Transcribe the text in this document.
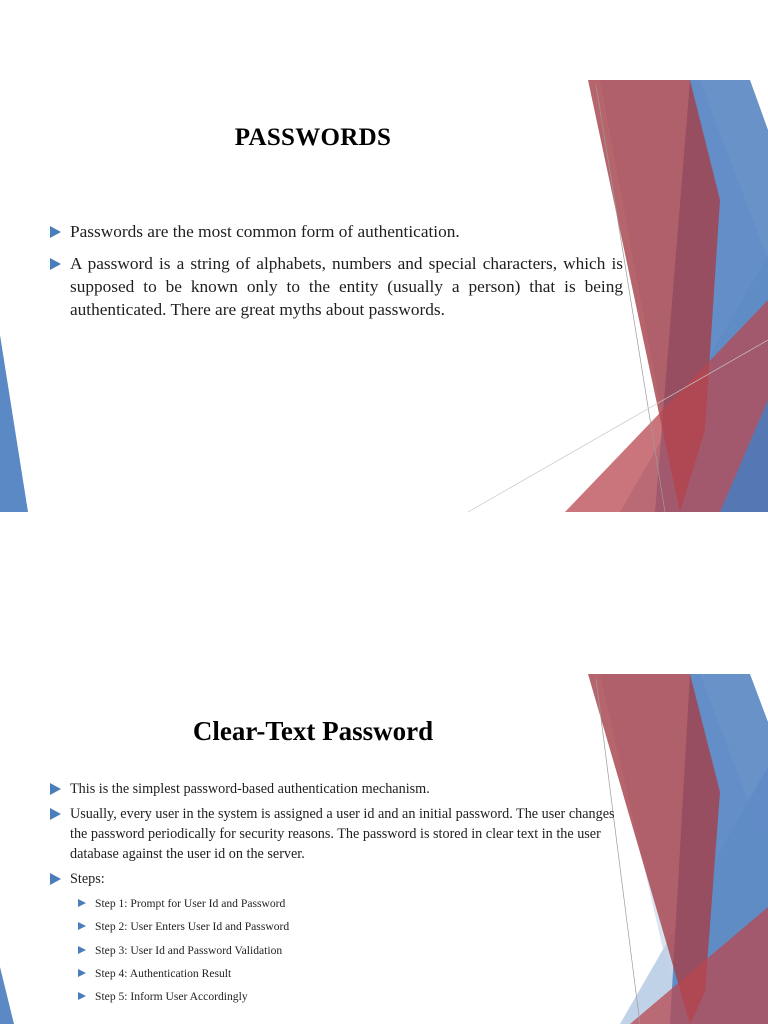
PASSWORDS
Passwords are the most common form of authentication.
A password is a string of alphabets, numbers and special characters, which is supposed to be known only to the entity (usually a person) that is being authenticated. There are great myths about passwords.
Clear-Text Password
This is the simplest password-based authentication mechanism.
Usually, every user in the system is assigned a user id and an initial password. The user changes the password periodically for security reasons. The password is stored in clear text in the user database against the user id on the server.
Steps:
Step 1: Prompt for User Id and Password
Step 2: User Enters User Id and Password
Step 3: User Id and Password Validation
Step 4: Authentication Result
Step 5: Inform User Accordingly
